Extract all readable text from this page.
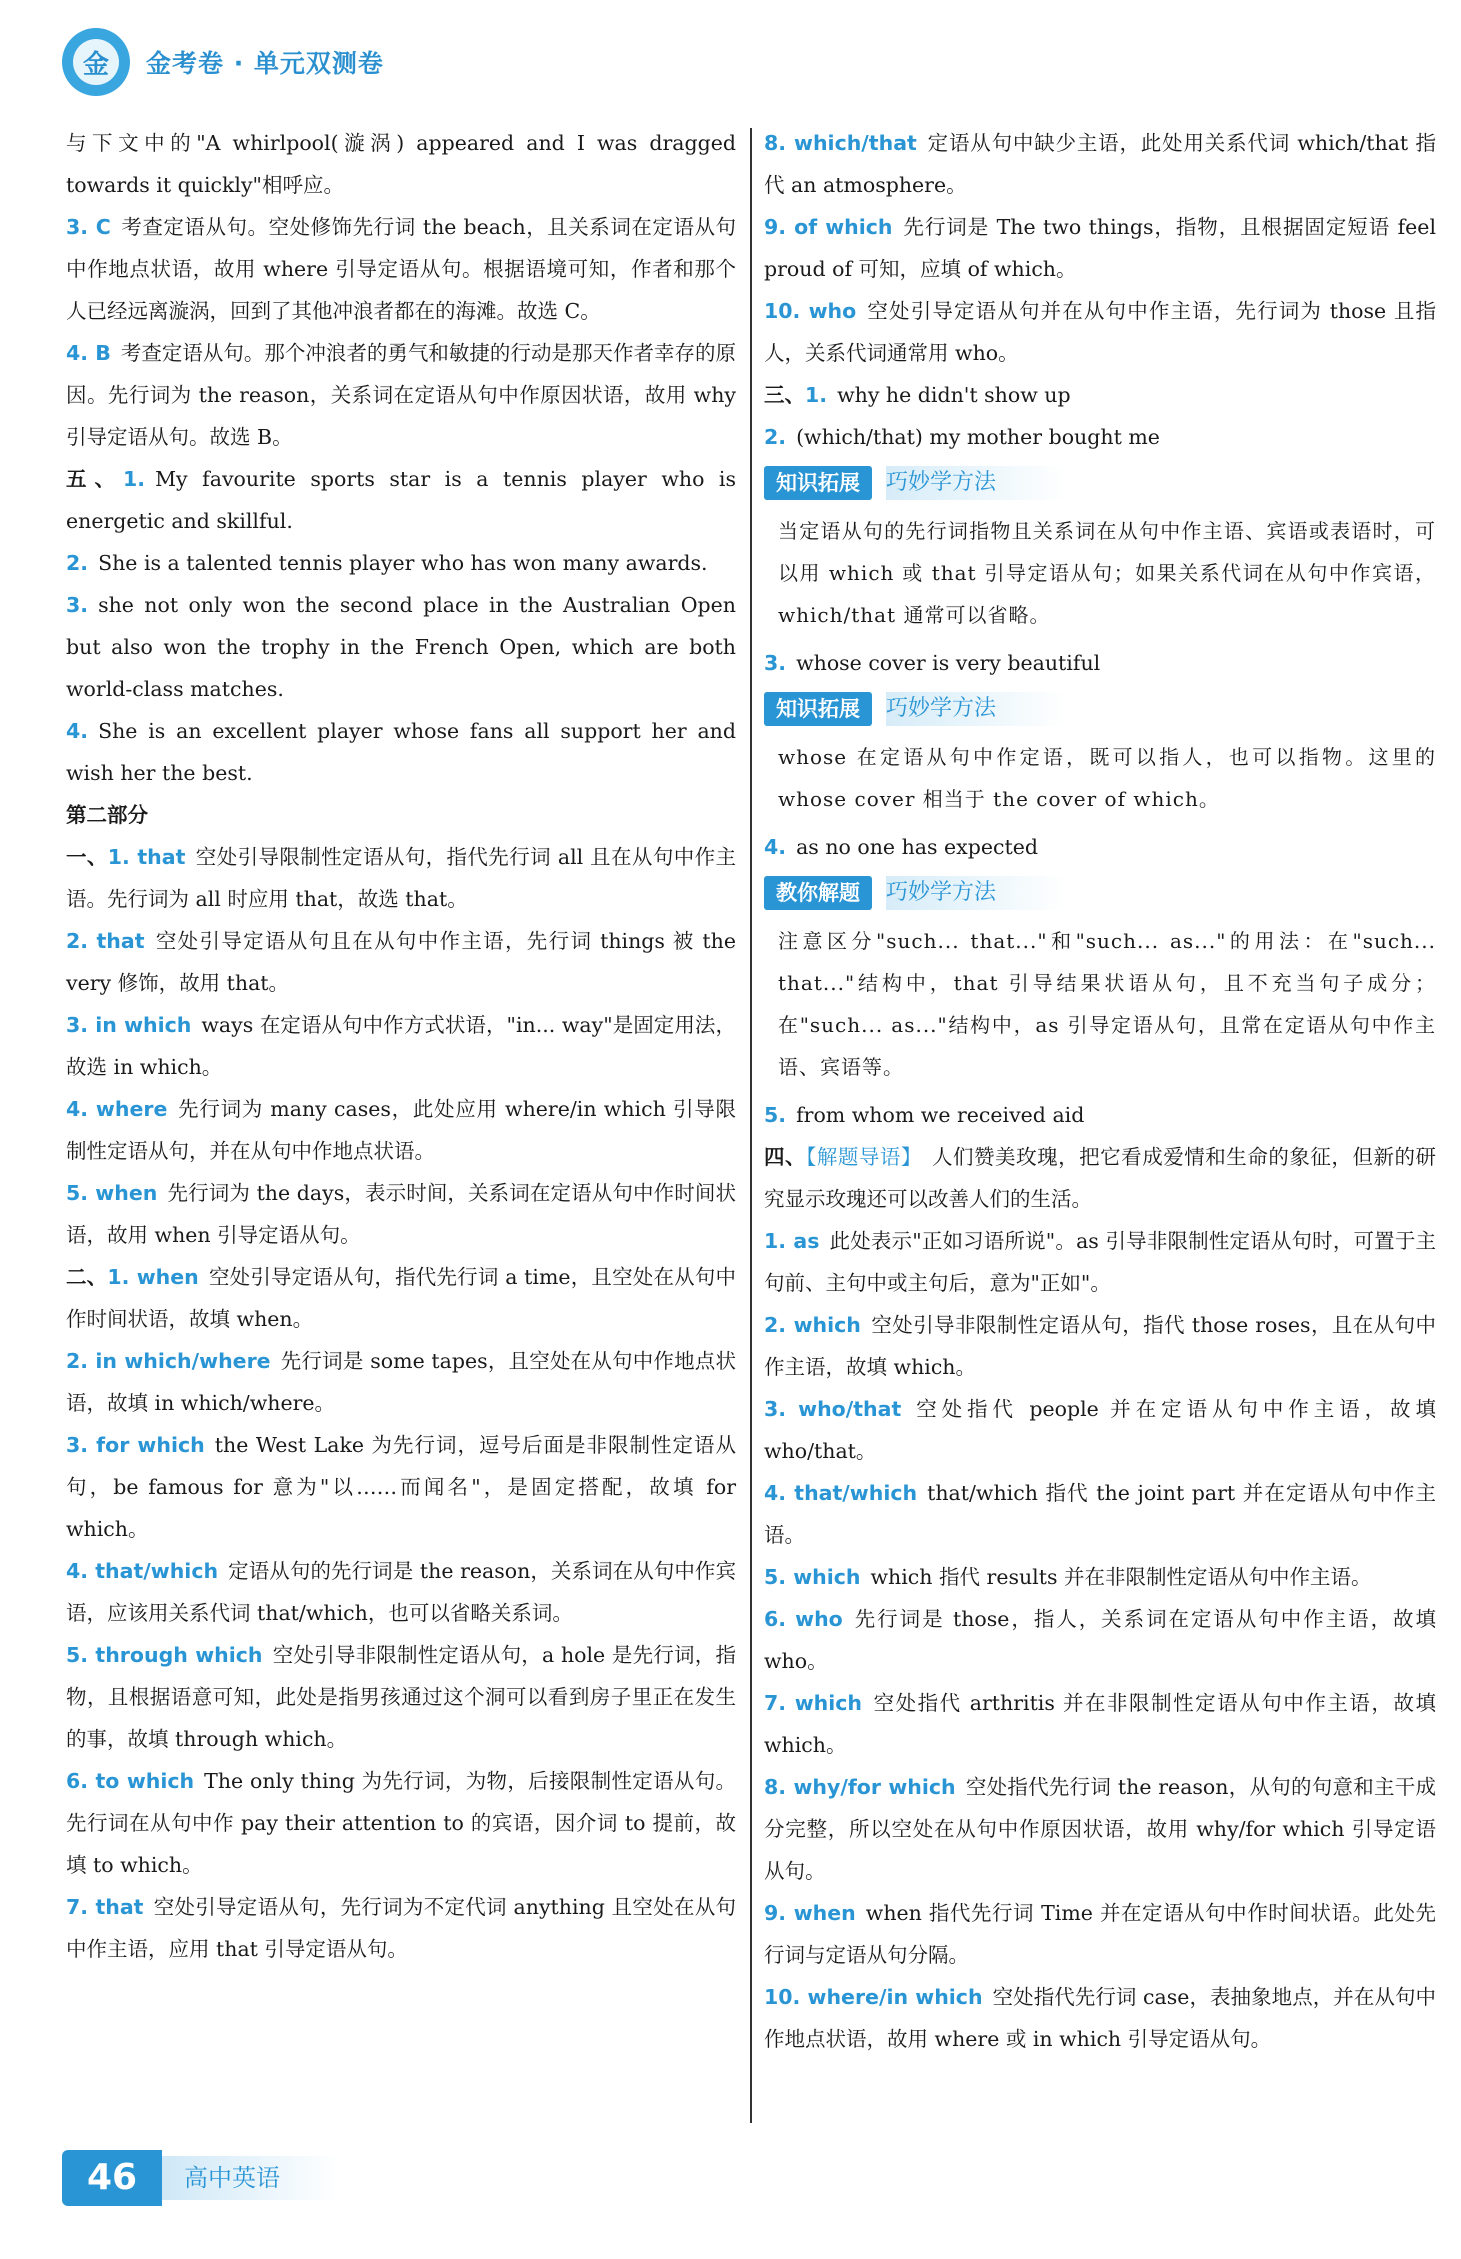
金	金考卷 · 单元双测卷

与下文中的"A whirlpool(漩涡) appeared and I was dragged towards it quickly"相呼应。

3. C 考查定语从句。空处修饰先行词 the beach，且关系词在定语从句中作地点状语，故用 where 引导定语从句。根据语境可知，作者和那个人已经远离漩涡，回到了其他冲浪者都在的海滩。故选 C。

4. B 考查定语从句。那个冲浪者的勇气和敏捷的行动是那天作者幸存的原因。先行词为 the reason，关系词在定语从句中作原因状语，故用 why 引导定语从句。故选 B。

五、1. My favourite sports star is a tennis player who is energetic and skillful.

2. She is a talented tennis player who has won many awards.

3. she not only won the second place in the Australian Open but also won the trophy in the French Open, which are both world-class matches.

4. She is an excellent player whose fans all support her and wish her the best.

第二部分

一、1. that 空处引导限制性定语从句，指代先行词 all 且在从句中作主语。先行词为 all 时应用 that，故选 that。

2. that 空处引导定语从句且在从句中作主语，先行词 things 被 the very 修饰，故用 that。

3. in which ways 在定语从句中作方式状语，"in... way"是固定用法，故选 in which。

4. where 先行词为 many cases，此处应用 where/in which 引导限制性定语从句，并在从句中作地点状语。

5. when 先行词为 the days，表示时间，关系词在定语从句中作时间状语，故用 when 引导定语从句。

二、1. when 空处引导定语从句，指代先行词 a time，且空处在从句中作时间状语，故填 when。

2. in which/where 先行词是 some tapes，且空处在从句中作地点状语，故填 in which/where。

3. for which the West Lake 为先行词，逗号后面是非限制性定语从句，be famous for 意为"以……而闻名"，是固定搭配，故填 for which。

4. that/which 定语从句的先行词是 the reason，关系词在从句中作宾语，应该用关系代词 that/which，也可以省略关系词。

5. through which 空处引导非限制性定语从句，a hole 是先行词，指物，且根据语意可知，此处是指男孩通过这个洞可以看到房子里正在发生的事，故填 through which。

6. to which The only thing 为先行词，为物，后接限制性定语从句。先行词在从句中作 pay their attention to 的宾语，因介词 to 提前，故填 to which。

7. that 空处引导定语从句，先行词为不定代词 anything 且空处在从句中作主语，应用 that 引导定语从句。

8. which/that 定语从句中缺少主语，此处用关系代词 which/that 指代 an atmosphere。

9. of which 先行词是 The two things，指物，且根据固定短语 feel proud of 可知，应填 of which。

10. who 空处引导定语从句并在从句中作主语，先行词为 those 且指人，关系代词通常用 who。

三、1. why he didn't show up

2. (which/that) my mother bought me

知识拓展	巧妙学方法

当定语从句的先行词指物且关系词在从句中作主语、宾语或表语时，可以用 which 或 that 引导定语从句；如果关系代词在从句中作宾语，which/that 通常可以省略。

3. whose cover is very beautiful

知识拓展	巧妙学方法

whose 在定语从句中作定语，既可以指人，也可以指物。这里的 whose cover 相当于 the cover of which。

4. as no one has expected

教你解题	巧妙学方法

注意区分"such... that..."和"such... as..."的用法：在"such... that..."结构中，that 引导结果状语从句，且不充当句子成分；在"such... as..."结构中，as 引导定语从句，且常在定语从句中作主语、宾语等。

5. from whom we received aid

四、【解题导语】 人们赞美玫瑰，把它看成爱情和生命的象征，但新的研究显示玫瑰还可以改善人们的生活。

1. as 此处表示"正如习语所说"。as 引导非限制性定语从句时，可置于主句前、主句中或主句后，意为"正如"。

2. which 空处引导非限制性定语从句，指代 those roses，且在从句中作主语，故填 which。

3. who/that 空处指代 people 并在定语从句中作主语，故填 who/that。

4. that/which that/which 指代 the joint part 并在定语从句中作主语。

5. which which 指代 results 并在非限制性定语从句中作主语。

6. who 先行词是 those，指人，关系词在定语从句中作主语，故填 who。

7. which 空处指代 arthritis 并在非限制性定语从句中作主语，故填 which。

8. why/for which 空处指代先行词 the reason，从句的句意和主干成分完整，所以空处在从句中作原因状语，故用 why/for which 引导定语从句。

9. when when 指代先行词 Time 并在定语从句中作时间状语。此处先行词与定语从句分隔。

10. where/in which 空处指代先行词 case，表抽象地点，并在从句中作地点状语，故用 where 或 in which 引导定语从句。

46	高中英语
